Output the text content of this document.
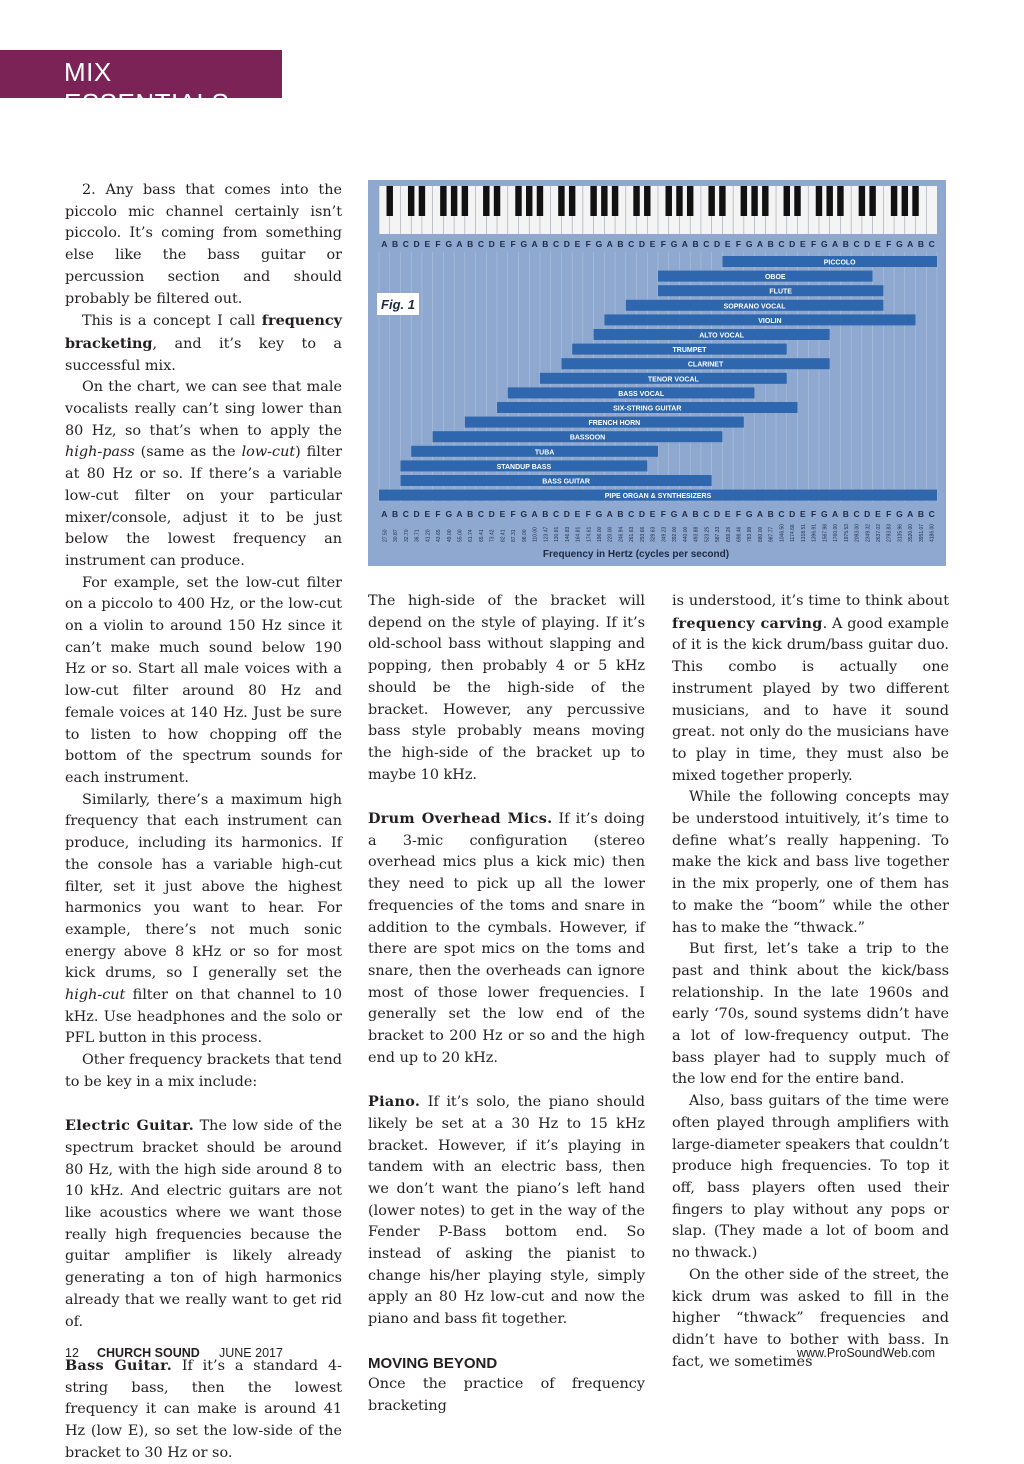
MIX ESSENTIALS

2. Any bass that comes into the piccolo mic channel certainly isn’t piccolo. It’s coming from something else like the bass guitar or percussion section and should probably be filtered out.

This is a concept I call frequency bracketing, and it’s key to a successful mix.

On the chart, we can see that male vocalists really can’t sing lower than 80 Hz, so that’s when to apply the high-pass (same as the low-cut) filter at 80 Hz or so. If there’s a variable low-cut filter on your particular mixer/console, adjust it to be just below the lowest frequency an instrument can produce.

For example, set the low-cut filter on a piccolo to 400 Hz, or the low-cut on a violin to around 150 Hz since it can’t make much sound below 190 Hz or so. Start all male voices with a low-cut filter around 80 Hz and female voices at 140 Hz. Just be sure to listen to how chopping off the bottom of the spectrum sounds for each instrument.

Similarly, there’s a maximum high frequency that each instrument can produce, including its harmonics. If the console has a variable high-cut filter, set it just above the highest harmonics you want to hear. For example, there’s not much sonic energy above 8 kHz or so for most kick drums, so I generally set the high-cut filter on that channel to 10 kHz. Use headphones and the solo or PFL button in this process.

Other frequency brackets that tend to be key in a mix include:

Electric Guitar. The low side of the spectrum bracket should be around 80 Hz, with the high side around 8 to 10 kHz. And electric guitars are not like acoustics where we want those really high frequencies because the guitar amplifier is likely already generating a ton of high harmonics already that we really want to get rid of.

Bass Guitar. If it’s a standard 4-string bass, then the lowest frequency it can make is around 41 Hz (low E), so set the low-side of the bracket to 30 Hz or so.

A B C D E F G A B C D E F G A B C D E F G A B C D E F G A B C D E F G A B C D E F G A B C D E F G A B C
Fig. 1
PICCOLO
OBOE
FLUTE
SOPRANO VOCAL
VIOLIN
ALTO VOCAL
TRUMPET
CLARINET
TENOR VOCAL
BASS VOCAL
SIX-STRING GUITAR
FRENCH HORN
BASSOON
TUBA
STANDUP BASS
BASS GUITAR
PIPE ORGAN & SYNTHESIZERS
A B C D E F G A B C D E F G A B C D E F G A B C D E F G A B C D E F G A B C D E F G A B C D E F G A B C
27.50 30.87 32.70 36.71 41.20 43.65 49.00 55.00 61.74 65.41 73.42 82.41 87.31 98.00 110.00 123.47 130.81 146.83 164.81 174.61 196.00 220.00 246.94 261.63 293.66 329.63 349.23 392.00 440.00 493.88 523.25 587.33 659.26 698.46 783.99 880.00 987.77 1046.50 1174.66 1318.51 1396.91 1567.98 1760.00 1975.53 2093.00 2349.32 2637.02 2793.83 3135.96 3520.00 3951.07 4186.00
Frequency in Hertz (cycles per second)

The high-side of the bracket will depend on the style of playing. If it’s old-school bass without slapping and popping, then probably 4 or 5 kHz should be the high-side of the bracket. However, any percussive bass style probably means moving the high-side of the bracket up to maybe 10 kHz.

Drum Overhead Mics. If it’s doing a 3-mic configuration (stereo overhead mics plus a kick mic) then they need to pick up all the lower frequencies of the toms and snare in addition to the cymbals. However, if there are spot mics on the toms and snare, then the overheads can ignore most of those lower frequencies. I generally set the low end of the bracket to 200 Hz or so and the high end up to 20 kHz.

Piano. If it’s solo, the piano should likely be set at a 30 Hz to 15 kHz bracket. However, if it’s playing in tandem with an electric bass, then we don’t want the piano’s left hand (lower notes) to get in the way of the Fender P-Bass bottom end. So instead of asking the pianist to change his/her playing style, simply apply an 80 Hz low-cut and now the piano and bass fit together.

MOVING BEYOND

Once the practice of frequency bracketing

is understood, it’s time to think about frequency carving. A good example of it is the kick drum/bass guitar duo. This combo is actually one instrument played by two different musicians, and to have it sound great. not only do the musicians have to play in time, they must also be mixed together properly.

While the following concepts may be understood intuitively, it’s time to define what’s really happening. To make the kick and bass live together in the mix properly, one of them has to make the “boom” while the other has to make the “thwack.”

But first, let’s take a trip to the past and think about the kick/bass relationship. In the late 1960s and early ‘70s, sound systems didn’t have a lot of low-frequency output. The bass player had to supply much of the low end for the entire band.

Also, bass guitars of the time were often played through amplifiers with large-diameter speakers that couldn’t produce high frequencies. To top it off, bass players often used their fingers to play without any pops or slap. (They made a lot of boom and no thwack.)

On the other side of the street, the kick drum was asked to fill in the higher “thwack” frequencies and didn’t have to bother with bass. In fact, we sometimes

12 CHURCH SOUND JUNE 2017	www.ProSoundWeb.com
